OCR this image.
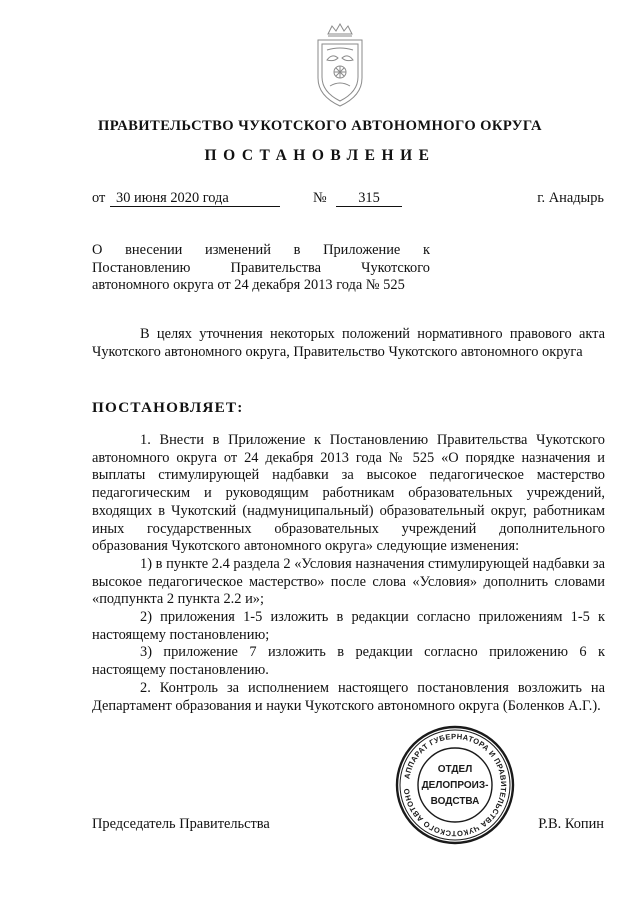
ПРАВИТЕЛЬСТВО ЧУКОТСКОГО АВТОНОМНОГО ОКРУГА
ПОСТАНОВЛЕНИЕ
от 30 июня 2020 года	№	315	г. Анадырь
О внесении изменений в Приложение к Постановлению Правительства Чукотского автономного округа от 24 декабря 2013 года № 525

В целях уточнения некоторых положений нормативного правового акта Чукотского автономного округа, Правительство Чукотского автономного округа

ПОСТАНОВЛЯЕТ:

1. Внести в Приложение к Постановлению Правительства Чукотского автономного округа от 24 декабря 2013 года № 525 «О порядке назначения и выплаты стимулирующей надбавки за высокое педагогическое мастерство педагогическим и руководящим работникам образовательных учреждений, входящих в Чукотский (надмуниципальный) образовательный округ, работникам иных государственных образовательных учреждений дополнительного образования Чукотского автономного округа» следующие изменения:

1) в пункте 2.4 раздела 2 «Условия назначения стимулирующей надбавки за высокое педагогическое мастерство» после слова «Условия» дополнить словами «подпункта 2 пункта 2.2 и»;

2) приложения 1-5 изложить в редакции согласно приложениям 1-5 к настоящему постановлению;

3) приложение 7 изложить в редакции согласно приложению 6 к настоящему постановлению.

2. Контроль за исполнением настоящего постановления возложить на Департамент образования и науки Чукотского автономного округа (Боленков А.Г.).

АППАРАТ ГУБЕРНАТОРА И ПРАВИТЕЛЬСТВА ЧУКОТСКОГО АВТОНО
ОТДЕЛ
ДЕЛОПРОИЗ-
ВОДСТВА
Председатель Правительства	Р.В. Копин
